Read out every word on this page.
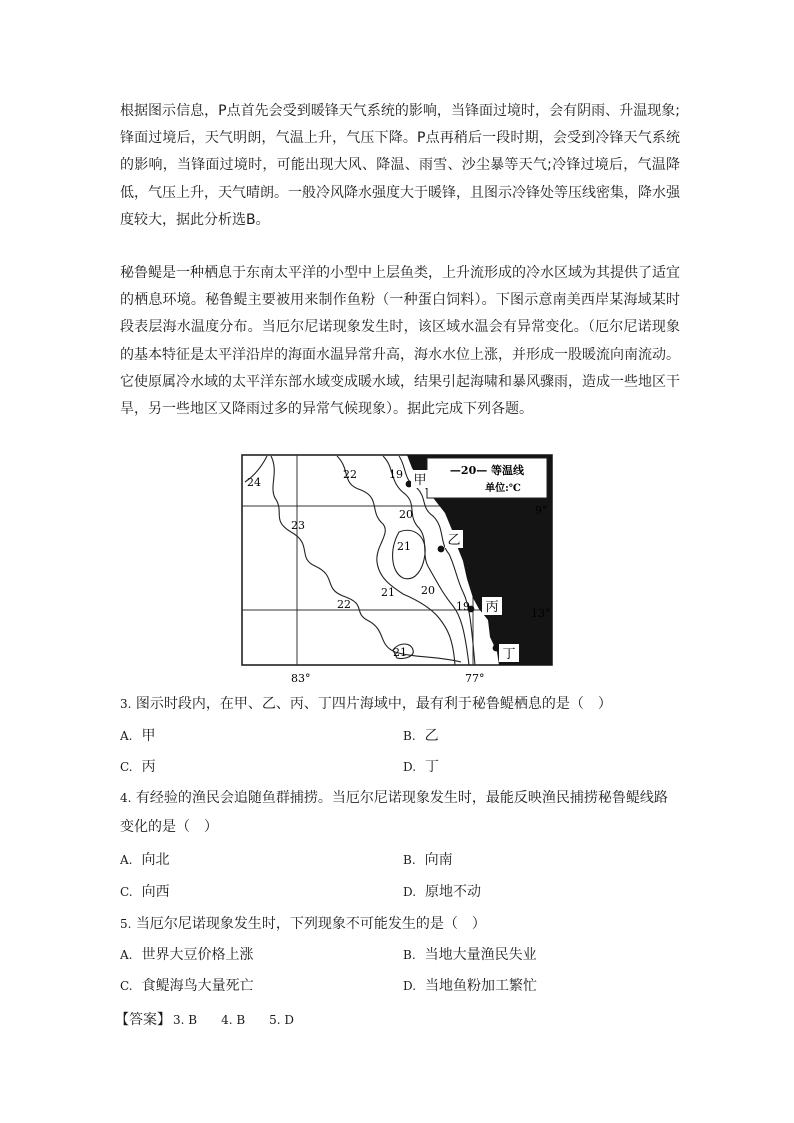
根据图示信息，P点首先会受到暖锋天气系统的影响，当锋面过境时，会有阴雨、升温现象;锋面过境后，天气明朗，气温上升，气压下降。P点再稍后一段时期，会受到冷锋天气系统的影响，当锋面过境时，可能出现大风、降温、雨雪、沙尘暴等天气;冷锋过境后，气温降低，气压上升，天气晴朗。一般冷风降水强度大于暖锋，且图示冷锋处等压线密集，降水强度较大，据此分析选B。

秘鲁鳀是一种栖息于东南太平洋的小型中上层鱼类，上升流形成的冷水区域为其提供了适宜的栖息环境。秘鲁鳀主要被用来制作鱼粉（一种蛋白饲料）。下图示意南美西岸某海域某时段表层海水温度分布。当厄尔尼诺现象发生时，该区域水温会有异常变化。（厄尔尼诺现象的基本特征是太平洋沿岸的海面水温异常升高，海水水位上涨，并形成一股暖流向南流动。它使原属冷水域的太平洋东部水域变成暖水域，结果引起海啸和暴风骤雨，造成一些地区干旱，另一些地区又降雨过多的异常气候现象）。据此完成下列各题。

—20— 等温线
单位:℃
甲
乙
丙
丁
24
22
23
21
22
21 20
19
20
19
21
9°
13°
83°	77°

3. 图示时段内，在甲、乙、丙、丁四片海域中，最有利于秘鲁鳀栖息的是（　）

A. 甲	B. 乙
C. 丙	D. 丁

4. 有经验的渔民会追随鱼群捕捞。当厄尔尼诺现象发生时，最能反映渔民捕捞秘鲁鳀线路变化的是（　）

A. 向北	B. 向南
C. 向西	D. 原地不动

5. 当厄尔尼诺现象发生时，下列现象不可能发生的是（　）

A. 世界大豆价格上涨	B. 当地大量渔民失业
C. 食鳀海鸟大量死亡	D. 当地鱼粉加工繁忙
【答案】 3. B　　4. B　　5. D
